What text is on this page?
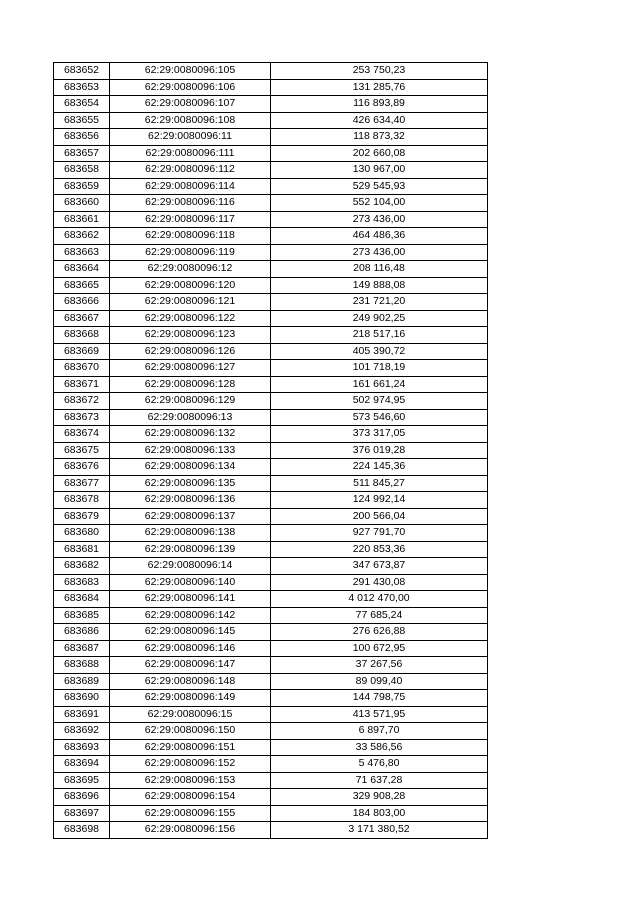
683652	62:29:0080096:105	253 750,23
683653	62:29:0080096:106	131 285,76
683654	62:29:0080096:107	116 893,89
683655	62:29:0080096:108	426 634,40
683656	62:29:0080096:11	118 873,32
683657	62:29:0080096:111	202 660,08
683658	62:29:0080096:112	130 967,00
683659	62:29:0080096:114	529 545,93
683660	62:29:0080096:116	552 104,00
683661	62:29:0080096:117	273 436,00
683662	62:29:0080096:118	464 486,36
683663	62:29:0080096:119	273 436,00
683664	62:29:0080096:12	208 116,48
683665	62:29:0080096:120	149 888,08
683666	62:29:0080096:121	231 721,20
683667	62:29:0080096:122	249 902,25
683668	62:29:0080096:123	218 517,16
683669	62:29:0080096:126	405 390,72
683670	62:29:0080096:127	101 718,19
683671	62:29:0080096:128	161 661,24
683672	62:29:0080096:129	502 974,95
683673	62:29:0080096:13	573 546,60
683674	62:29:0080096:132	373 317,05
683675	62:29:0080096:133	376 019,28
683676	62:29:0080096:134	224 145,36
683677	62:29:0080096:135	511 845,27
683678	62:29:0080096:136	124 992,14
683679	62:29:0080096:137	200 566,04
683680	62:29:0080096:138	927 791,70
683681	62:29:0080096:139	220 853,36
683682	62:29:0080096:14	347 673,87
683683	62:29:0080096:140	291 430,08
683684	62:29:0080096:141	4 012 470,00
683685	62:29:0080096:142	77 685,24
683686	62:29:0080096:145	276 626,88
683687	62:29:0080096:146	100 672,95
683688	62:29:0080096:147	37 267,56
683689	62:29:0080096:148	89 099,40
683690	62:29:0080096:149	144 798,75
683691	62:29:0080096:15	413 571,95
683692	62:29:0080096:150	6 897,70
683693	62:29:0080096:151	33 586,56
683694	62:29:0080096:152	5 476,80
683695	62:29:0080096:153	71 637,28
683696	62:29:0080096:154	329 908,28
683697	62:29:0080096:155	184 803,00
683698	62:29:0080096:156	3 171 380,52
